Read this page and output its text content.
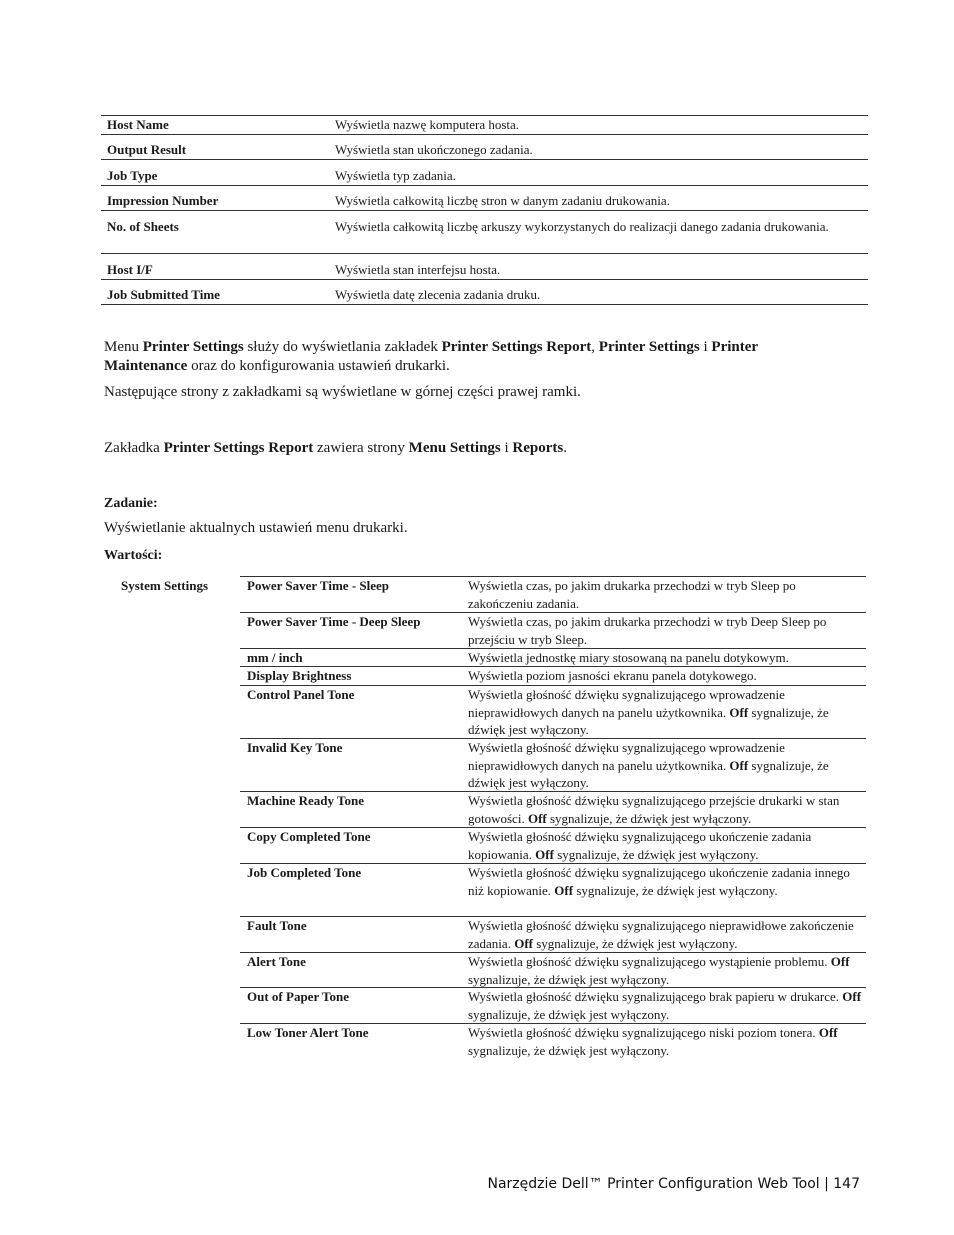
Host Name	Wyświetla nazwę komputera hosta.
Output Result	Wyświetla stan ukończonego zadania.
Job Type	Wyświetla typ zadania.
Impression Number	Wyświetla całkowitą liczbę stron w danym zadaniu drukowania.
No. of Sheets	Wyświetla całkowitą liczbę arkuszy wykorzystanych do realizacji danego zadania drukowania.
Host I/F	Wyświetla stan interfejsu hosta.
Job Submitted Time	Wyświetla datę zlecenia zadania druku.

Menu Printer Settings służy do wyświetlania zakładek Printer Settings Report, Printer Settings i Printer Maintenance oraz do konfigurowania ustawień drukarki.

Następujące strony z zakładkami są wyświetlane w górnej części prawej ramki.

Zakładka Printer Settings Report zawiera strony Menu Settings i Reports.

Zadanie:

Wyświetlanie aktualnych ustawień menu drukarki.

Wartości:

System Settings	Power Saver Time - Sleep	Wyświetla czas, po jakim drukarka przechodzi w tryb Sleep po zakończeniu zadania.
Power Saver Time - Deep Sleep	Wyświetla czas, po jakim drukarka przechodzi w tryb Deep Sleep po przejściu w tryb Sleep.
mm / inch	Wyświetla jednostkę miary stosowaną na panelu dotykowym.
Display Brightness	Wyświetla poziom jasności ekranu panela dotykowego.
Control Panel Tone	Wyświetla głośność dźwięku sygnalizującego wprowadzenie nieprawidłowych danych na panelu użytkownika. Off sygnalizuje, że dźwięk jest wyłączony.
Invalid Key Tone	Wyświetla głośność dźwięku sygnalizującego wprowadzenie nieprawidłowych danych na panelu użytkownika. Off sygnalizuje, że dźwięk jest wyłączony.
Machine Ready Tone	Wyświetla głośność dźwięku sygnalizującego przejście drukarki w stan gotowości. Off sygnalizuje, że dźwięk jest wyłączony.
Copy Completed Tone	Wyświetla głośność dźwięku sygnalizującego ukończenie zadania kopiowania. Off sygnalizuje, że dźwięk jest wyłączony.
Job Completed Tone	Wyświetla głośność dźwięku sygnalizującego ukończenie zadania innego niż kopiowanie. Off sygnalizuje, że dźwięk jest wyłączony.
Fault Tone	Wyświetla głośność dźwięku sygnalizującego nieprawidłowe zakończenie zadania. Off sygnalizuje, że dźwięk jest wyłączony.
Alert Tone	Wyświetla głośność dźwięku sygnalizującego wystąpienie problemu. Off sygnalizuje, że dźwięk jest wyłączony.
Out of Paper Tone	Wyświetla głośność dźwięku sygnalizującego brak papieru w drukarce. Off sygnalizuje, że dźwięk jest wyłączony.
Low Toner Alert Tone	Wyświetla głośność dźwięku sygnalizującego niski poziom tonera. Off sygnalizuje, że dźwięk jest wyłączony.
Narzędzie Dell™ Printer Configuration Web Tool | 147
